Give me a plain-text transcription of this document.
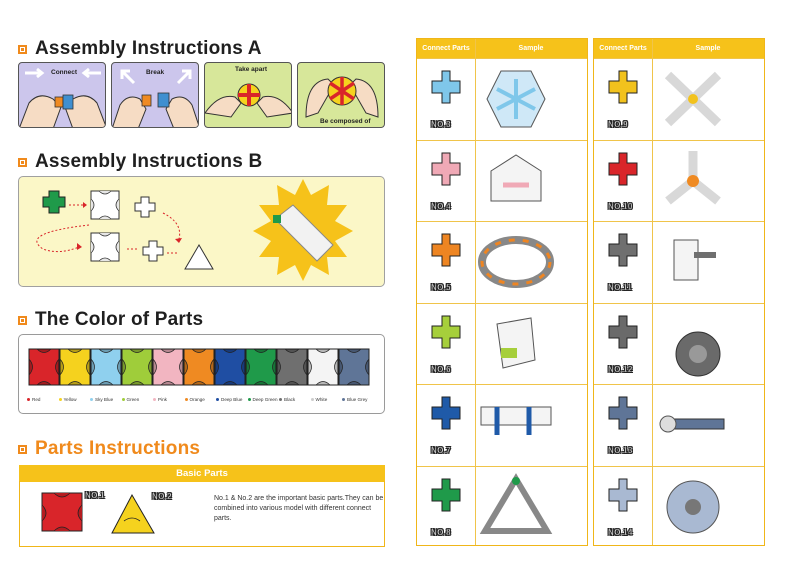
Assembly Instructions A
Connect	Break	Take apart
Be composed of
Assembly Instructions B
The Color of Parts
Red	Yellow	Sky Blue	Green	Pink	Orange	Deep Blue Deep Green Black	White	Blue Grey
Parts Instructions
Basic Parts
NO.1	NO.2	No.1 & No.2 are the important basic parts.They can be combined into various model with different connect parts.
Connect Parts	Sample
NO.3
NO.4
NO.5
NO.6
NO.7
NO.8
Connect Parts	Sample
NO.9
NO.10
NO.11
NO.12
NO.13
NO.14
